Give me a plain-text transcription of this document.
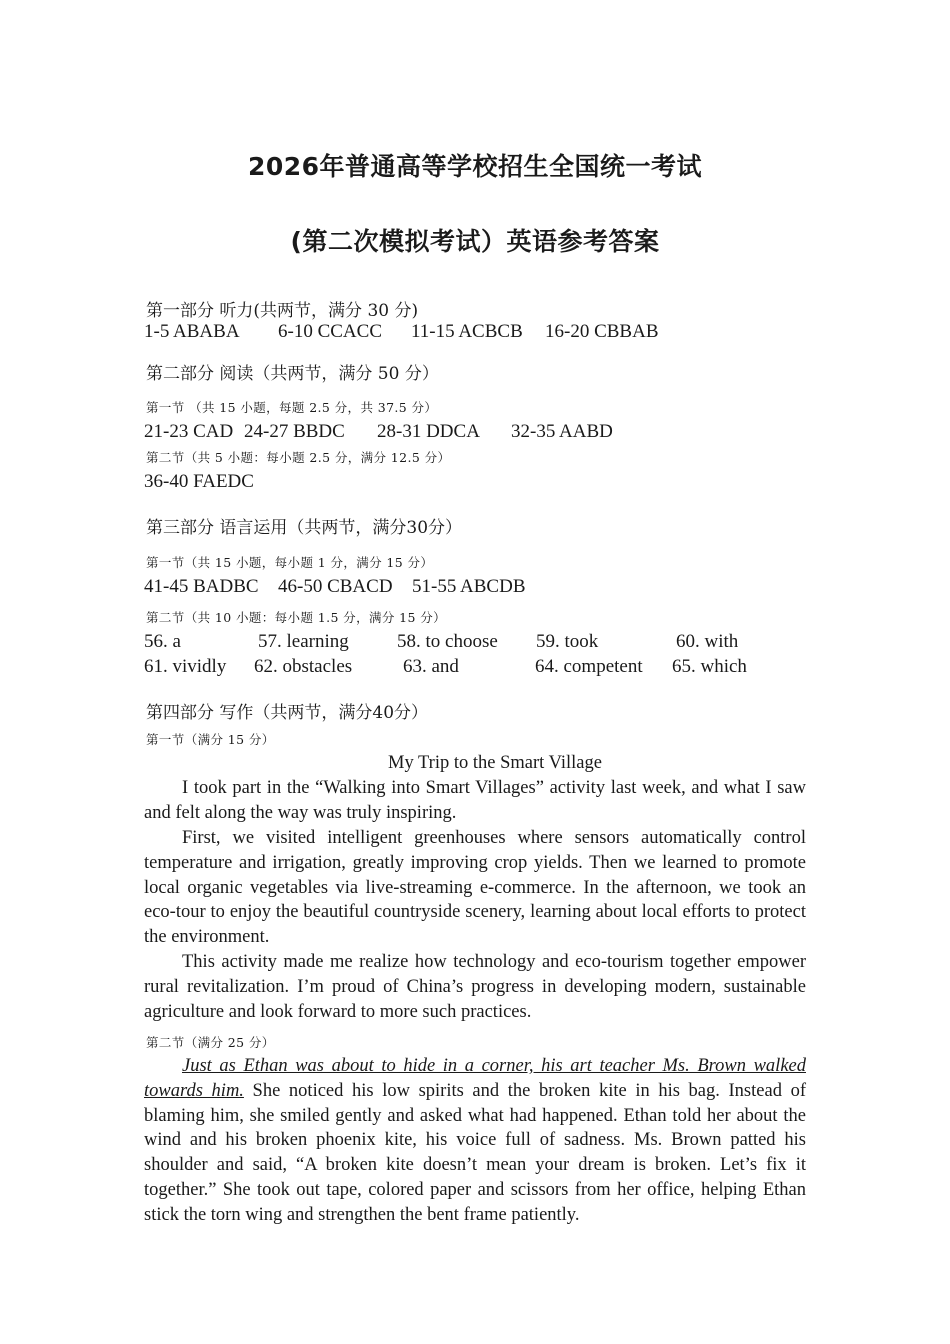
2026年普通高等学校招生全国统一考试
(第二次模拟考试）英语参考答案
第一部分 听力(共两节，满分 30 分)
1-5 ABABA 6-10 CCACC 11-15 ACBCB 16-20 CBBAB
第二部分 阅读（共两节，满分 50 分）
第一节 （共 15 小题，每题 2.5 分，共 37.5 分）
21-23 CAD 24-27 BBDC 28-31 DDCA 32-35 AABD
第二节（共 5 小题：每小题 2.5 分，满分 12.5 分）
36-40 FAEDC
第三部分 语言运用（共两节，满分30分）
第一节（共 15 小题，每小题 1 分，满分 15 分）
41-45 BADBC 46-50 CBACD 51-55 ABCDB
第二节（共 10 小题：每小题 1.5 分，满分 15 分）
56. a	57. learning	58. to choose 59. took	60. with
61. vividly 62. obstacles	63. and	64. competent 65. which
第四部分 写作（共两节，满分40分）
第一节（满分 15 分）
My Trip to the Smart Village

I took part in the “Walking into Smart Villages” activity last week, and what I saw and felt along the way was truly inspiring.

First, we visited intelligent greenhouses where sensors automatically control temperature and irrigation, greatly improving crop yields. Then we learned to promote local organic vegetables via live-streaming e-commerce. In the afternoon, we took an eco-tour to enjoy the beautiful countryside scenery, learning about local efforts to protect the environment.

This activity made me realize how technology and eco-tourism together empower rural revitalization. I’m proud of China’s progress in developing modern, sustainable agriculture and look forward to more such practices.

第二节（满分 25 分）

Just as Ethan was about to hide in a corner, his art teacher Ms. Brown walked towards him. She noticed his low spirits and the broken kite in his bag. Instead of blaming him, she smiled gently and asked what had happened. Ethan told her about the wind and his broken phoenix kite, his voice full of sadness. Ms. Brown patted his shoulder and said, “A broken kite doesn’t mean your dream is broken. Let’s fix it together.” She took out tape, colored paper and scissors from her office, helping Ethan stick the torn wing and strengthen the bent frame patiently.
